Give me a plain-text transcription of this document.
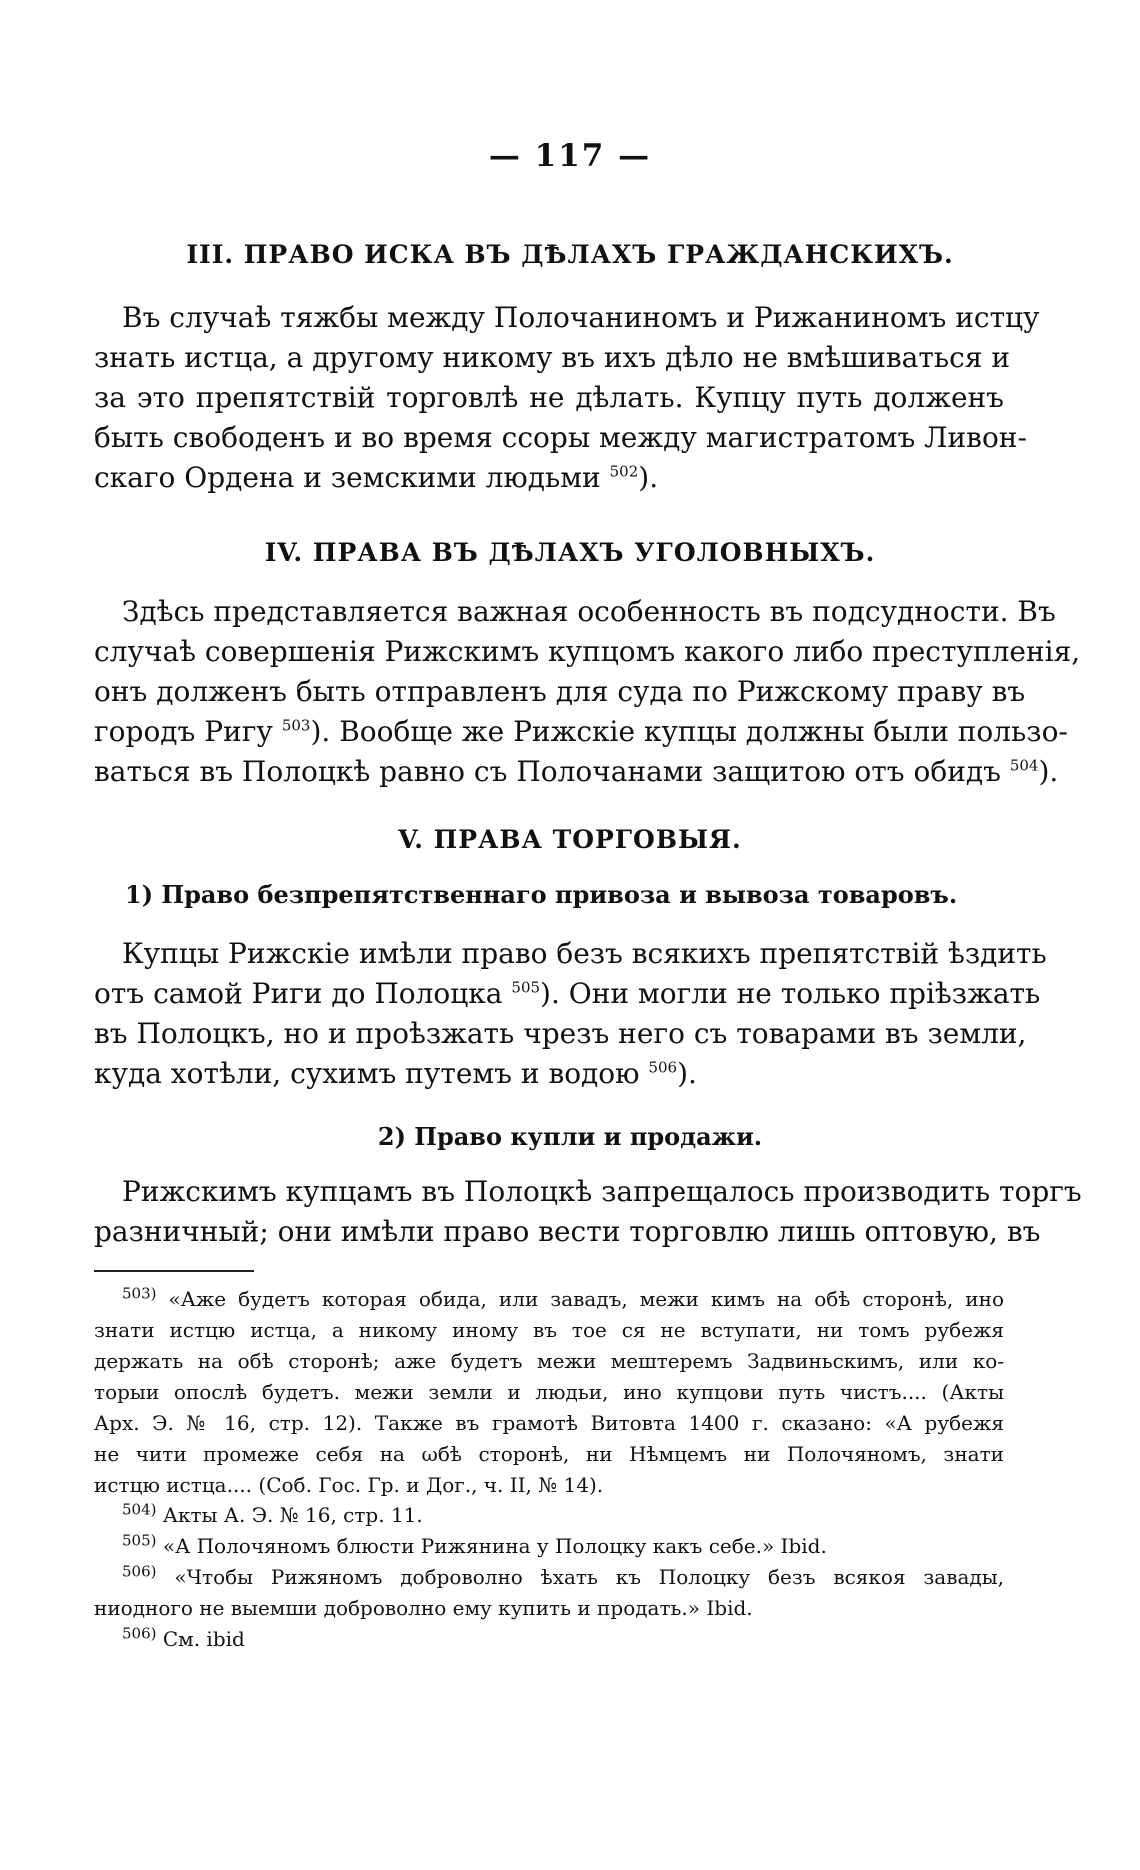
— 117 —
III. ПРАВО ИСКА ВЪ ДѢЛАХЪ ГРАЖДАНСКИХЪ.
Въ случаѣ тяжбы между Полочаниномъ и Рижаниномъ истцу
знать истца, а другому никому въ ихъ дѣло не вмѣшиваться и
за это препятствій торговлѣ не дѣлать. Купцу путь долженъ
быть свободенъ и во время ссоры между магистратомъ Ливон-
скаго Ордена и земскими людьми $^{502}$).
IV. ПРАВА ВЪ ДѢЛАХЪ УГОЛОВНЫХЪ.
Здѣсь представляется важная особенность въ подсудности. Въ
случаѣ совершенія Рижскимъ купцомъ какого либо преступленія,
онъ долженъ быть отправленъ для суда по Рижскому праву въ
городъ Ригу $^{503}$). Вообще же Рижскіе купцы должны были пользо-
ваться въ Полоцкѣ равно съ Полочанами защитою отъ обидъ $^{504}$).
V. ПРАВА ТОРГОВЫЯ.
1) Право безпрепятственнаго привоза и вывоза товаровъ.
Купцы Рижскіе имѣли право безъ всякихъ препятствій ѣздить
отъ самой Риги до Полоцка $^{505}$). Они могли не только пріѣзжать
въ Полоцкъ, но и проѣзжать чрезъ него съ товарами въ земли,
куда хотѣли, сухимъ путемъ и водою $^{506}$).
2) Право купли и продажи.
Рижскимъ купцамъ въ Полоцкѣ запрещалось производить торгъ
разничный; они имѣли право вести торговлю лишь оптовую, въ
$^{503)}$ «Аже будетъ которая обида, или завадъ, межи кимъ на обѣ сторонѣ, ино
знати истцю истца, а никому иному въ тое ся не вступати, ни томъ рубежя
держать на обѣ сторонѣ; аже будетъ межи мештеремъ Задвиньскимъ, или ко-
торыи опослѣ будетъ. межи земли и людьи, ино купцови путь чистъ.... (Акты
Арх. Э. № 16, стр. 12). Также въ грамотѣ Витовта 1400 г. сказано: «А рубежя
не чити промеже себя на ωбѣ сторонѣ, ни Нѣмцемъ ни Полочяномъ, знати
истцю истца.... (Соб. Гос. Гр. и Дог., ч. II, № 14).
$^{504)}$ Акты А. Э. № 16, стр. 11.
$^{505)}$ «А Полочяномъ блюсти Рижянина у Полоцку какъ себе.» Ibid.
$^{506)}$ «Чтобы Рижяномъ доброволно ѣхать къ Полоцку безъ всякоя завады,
ниодного не выемши доброволно ему купить и продать.» Ibid.
$^{506)}$ См. ibid
